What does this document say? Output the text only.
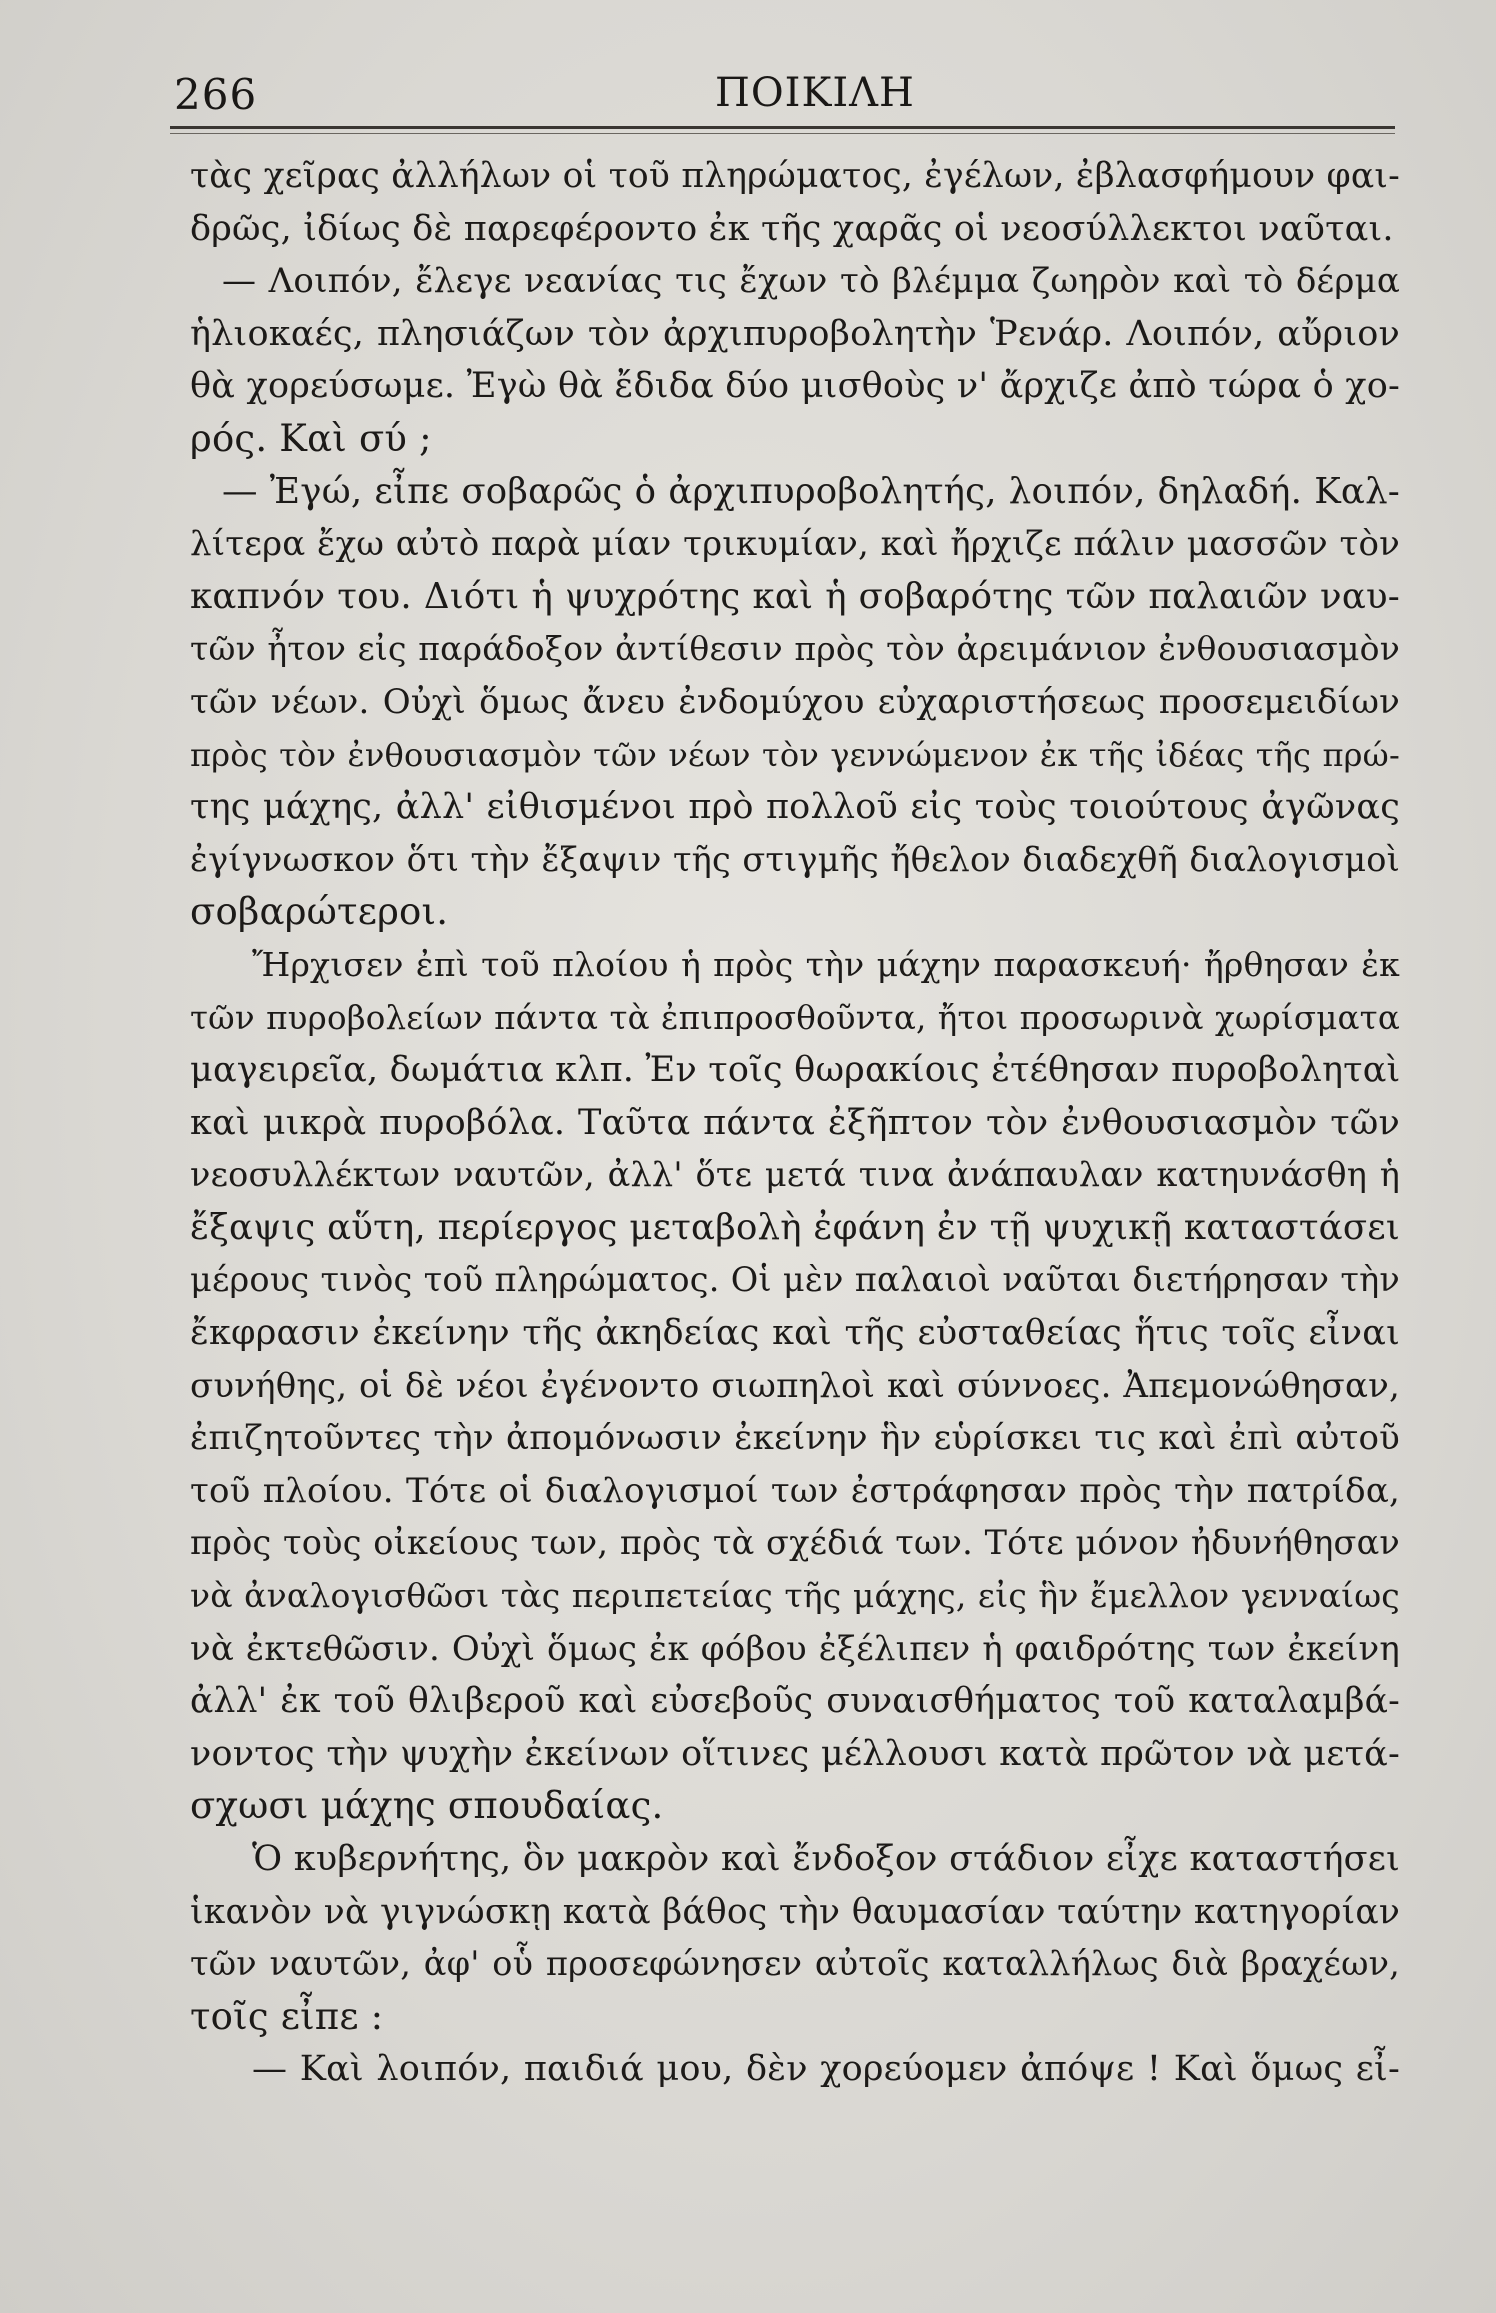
266	ΠΟΙΚΙΛΗ
τὰς χεῖρας ἀλλήλων οἱ τοῦ πληρώματος, ἐγέλων, ἐβλασφήμουν φαι-
δρῶς, ἰδίως δὲ παρεφέροντο ἐκ τῆς χαρᾶς οἱ νεοσύλλεκτοι ναῦται.
— Λοιπόν, ἔλεγε νεανίας τις ἔχων τὸ βλέμμα ζωηρὸν καὶ τὸ δέρμα
ἡλιοκαές, πλησιάζων τὸν ἀρχιπυροβολητὴν Ῥενάρ. Λοιπόν, αὔριον
θὰ χορεύσωμε. Ἐγὼ θὰ ἔδιδα δύο μισθοὺς ν' ἄρχιζε ἀπὸ τώρα ὁ χο-
ρός. Καὶ σύ ;
— Ἐγώ, εἶπε σοβαρῶς ὁ ἀρχιπυροβολητής, λοιπόν, δηλαδή. Καλ-
λίτερα ἔχω αὐτὸ παρὰ μίαν τρικυμίαν, καὶ ἤρχιζε πάλιν μασσῶν τὸν
καπνόν του. Διότι ἡ ψυχρότης καὶ ἡ σοβαρότης τῶν παλαιῶν ναυ-
τῶν ἦτον εἰς παράδοξον ἀντίθεσιν πρὸς τὸν ἀρειμάνιον ἐνθουσιασμὸν
τῶν νέων. Οὐχὶ ὅμως ἄνευ ἐνδομύχου εὐχαριστήσεως προσεμειδίων
πρὸς τὸν ἐνθουσιασμὸν τῶν νέων τὸν γεννώμενον ἐκ τῆς ἰδέας τῆς πρώ-
της μάχης, ἀλλ' εἰθισμένοι πρὸ πολλοῦ εἰς τοὺς τοιούτους ἀγῶνας
ἐγίγνωσκον ὅτι τὴν ἔξαψιν τῆς στιγμῆς ἤθελον διαδεχθῆ διαλογισμοὶ
σοβαρώτεροι.
Ἤρχισεν ἐπὶ τοῦ πλοίου ἡ πρὸς τὴν μάχην παρασκευή· ἤρθησαν ἐκ
τῶν πυροβολείων πάντα τὰ ἐπιπροσθοῦντα, ἤτοι προσωρινὰ χωρίσματα
μαγειρεῖα, δωμάτια κλπ. Ἐν τοῖς θωρακίοις ἐτέθησαν πυροβοληταὶ
καὶ μικρὰ πυροβόλα. Ταῦτα πάντα ἐξῆπτον τὸν ἐνθουσιασμὸν τῶν
νεοσυλλέκτων ναυτῶν, ἀλλ' ὅτε μετά τινα ἀνάπαυλαν κατηυνάσθη ἡ
ἔξαψις αὕτη, περίεργος μεταβολὴ ἐφάνη ἐν τῇ ψυχικῇ καταστάσει
μέρους τινὸς τοῦ πληρώματος. Οἱ μὲν παλαιοὶ ναῦται διετήρησαν τὴν
ἔκφρασιν ἐκείνην τῆς ἀκηδείας καὶ τῆς εὐσταθείας ἥτις τοῖς εἶναι
συνήθης, οἱ δὲ νέοι ἐγένοντο σιωπηλοὶ καὶ σύννοες. Ἀπεμονώθησαν,
ἐπιζητοῦντες τὴν ἀπομόνωσιν ἐκείνην ἣν εὑρίσκει τις καὶ ἐπὶ αὐτοῦ
τοῦ πλοίου. Τότε οἱ διαλογισμοί των ἐστράφησαν πρὸς τὴν πατρίδα,
πρὸς τοὺς οἰκείους των, πρὸς τὰ σχέδιά των. Τότε μόνον ἠδυνήθησαν
νὰ ἀναλογισθῶσι τὰς περιπετείας τῆς μάχης, εἰς ἣν ἔμελλον γενναίως
νὰ ἐκτεθῶσιν. Οὐχὶ ὅμως ἐκ φόβου ἐξέλιπεν ἡ φαιδρότης των ἐκείνη
ἀλλ' ἐκ τοῦ θλιβεροῦ καὶ εὐσεβοῦς συναισθήματος τοῦ καταλαμβά-
νοντος τὴν ψυχὴν ἐκείνων οἵτινες μέλλουσι κατὰ πρῶτον νὰ μετά-
σχωσι μάχης σπουδαίας.
Ὁ κυβερνήτης, ὃν μακρὸν καὶ ἔνδοξον στάδιον εἶχε καταστήσει
ἱκανὸν νὰ γιγνώσκῃ κατὰ βάθος τὴν θαυμασίαν ταύτην κατηγορίαν
τῶν ναυτῶν, ἀφ' οὗ προσεφώνησεν αὐτοῖς καταλλήλως διὰ βραχέων,
τοῖς εἶπε :
— Καὶ λοιπόν, παιδιά μου, δὲν χορεύομεν ἀπόψε ! Καὶ ὅμως εἶ-
